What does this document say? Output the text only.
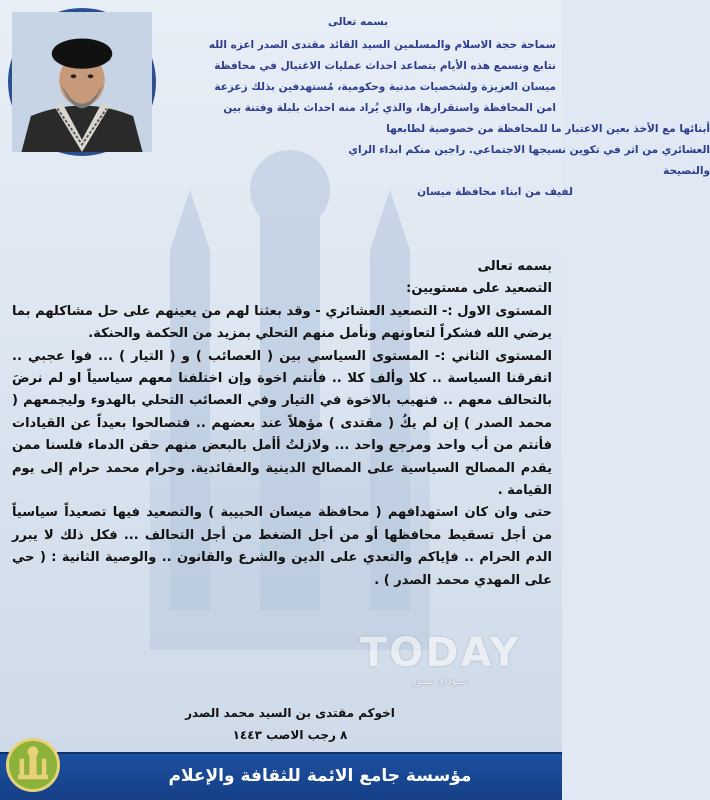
بسمه تعالى
سماحة حجة الاسلام والمسلمين السيد القائد مقتدى الصدر اعزه الله
نتابع ونسمع هذه الأيام بتصاعد احداث عمليات الاغتيال في محافظة
ميسان العزيزة ولشخصيات مدنية وحكومية، مُستهدفين بذلك زعزعة
امن المحافظة واستقرارها، والذي يُراد منه احداث بلبلة وفتنة بين
أبنائها مع الأخذ بعين الاعتبار ما للمحافظة من خصوصية لطابعها
العشائري من اثر في تكوين نسيجها الاجتماعي. راجين منكم ابداء الراي
والنصيحة
لفيف من ابناء محافظة ميسان
بسمه تعالى
التصعيد على مستويين:

المستوى الاول :- التصعيد العشائري - وقد بعثنا لهم من يعينهم على حل مشاكلهم بما يرضي الله فشكراً لتعاونهم ونأمل منهم التحلي بمزيد من الحكمة والحنكة.

المستوى الثاني :- المستوى السياسي بين ( العصائب ) و ( التيار ) ... فوا عجبي .. اتفرقنا السياسة .. كلا وألف كلا .. فأنتم اخوة وإن اختلفنا معهم سياسياً او لم نرضَ بالتحالف معهم .. فنهيب بالاخوة في التيار وفي العصائب التحلي بالهدوء وليجمعهم ( محمد الصدر ) إن لم يكُ ( مقتدى ) مؤهلاً عند بعضهم .. فتصالحوا بعيداً عن القيادات فأنتم من أب واحد ومرجع واحد ... ولازلتُ أأمل بالبعض منهم حقن الدماء فلسنا ممن يقدم المصالح السياسية على المصالح الدينية والعقائدية. وحرام محمد حرام إلى يوم القيامة .

حتى وان كان استهدافهم ( محافظة ميسان الحبيبة ) والتصعيد فيها تصعيداً سياسياً من أجل تسقيط محافظها أو من أجل الضغط من أجل التحالف ... فكل ذلك لا يبرر الدم الحرام .. فإياكم والتعدي على الدين والشرع والقانون .. والوصية الثانية : ( حي على المهدي محمد الصدر ) .

TODAY
تـــوداي نـيـوز
اخوكم مقتدى بن السيد محمد الصدر
٨ رجب الاصب ١٤٤٣
مؤسسة جامع الائمة للثقافة والإعلام
